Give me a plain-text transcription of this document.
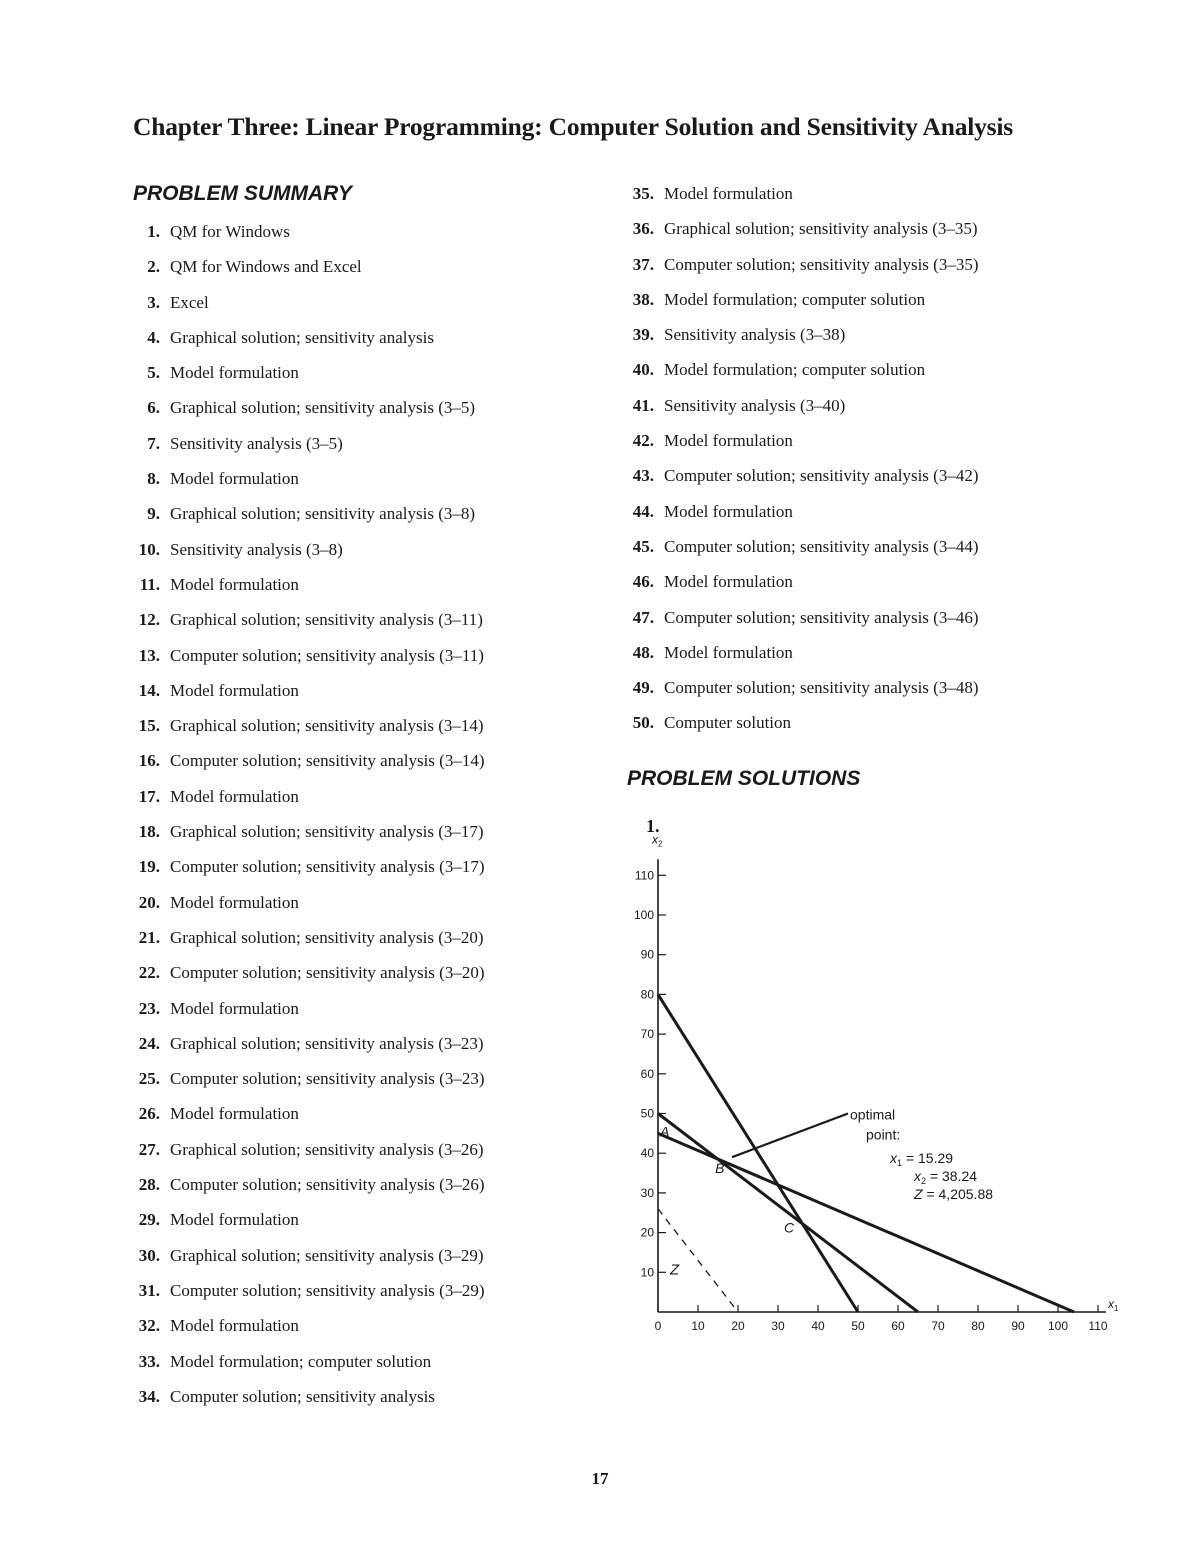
Chapter Three: Linear Programming: Computer Solution and Sensitivity Analysis
PROBLEM SUMMARY
1. QM for Windows
2. QM for Windows and Excel
3. Excel
4. Graphical solution; sensitivity analysis
5. Model formulation
6. Graphical solution; sensitivity analysis (3–5)
7. Sensitivity analysis (3–5)
8. Model formulation
9. Graphical solution; sensitivity analysis (3–8)
10. Sensitivity analysis (3–8)
11. Model formulation
12. Graphical solution; sensitivity analysis (3–11)
13. Computer solution; sensitivity analysis (3–11)
14. Model formulation
15. Graphical solution; sensitivity analysis (3–14)
16. Computer solution; sensitivity analysis (3–14)
17. Model formulation
18. Graphical solution; sensitivity analysis (3–17)
19. Computer solution; sensitivity analysis (3–17)
20. Model formulation
21. Graphical solution; sensitivity analysis (3–20)
22. Computer solution; sensitivity analysis (3–20)
23. Model formulation
24. Graphical solution; sensitivity analysis (3–23)
25. Computer solution; sensitivity analysis (3–23)
26. Model formulation
27. Graphical solution; sensitivity analysis (3–26)
28. Computer solution; sensitivity analysis (3–26)
29. Model formulation
30. Graphical solution; sensitivity analysis (3–29)
31. Computer solution; sensitivity analysis (3–29)
32. Model formulation
33. Model formulation; computer solution
34. Computer solution; sensitivity analysis
35. Model formulation
36. Graphical solution; sensitivity analysis (3–35)
37. Computer solution; sensitivity analysis (3–35)
38. Model formulation; computer solution
39. Sensitivity analysis (3–38)
40. Model formulation; computer solution
41. Sensitivity analysis (3–40)
42. Model formulation
43. Computer solution; sensitivity analysis (3–42)
44. Model formulation
45. Computer solution; sensitivity analysis (3–44)
46. Model formulation
47. Computer solution; sensitivity analysis (3–46)
48. Model formulation
49. Computer solution; sensitivity analysis (3–48)
50. Computer solution
PROBLEM SOLUTIONS
1.
0 10 20 30 40 50 60 70 80 90 100 110
10
20
30
40
50
60
70
80
90
100
110
$x_1$
$x_2$
Z
A
B
C
optimal
point:
$x_1 = 15.29$
$x_2 = 38.24$
Z = 4,205.88
17
